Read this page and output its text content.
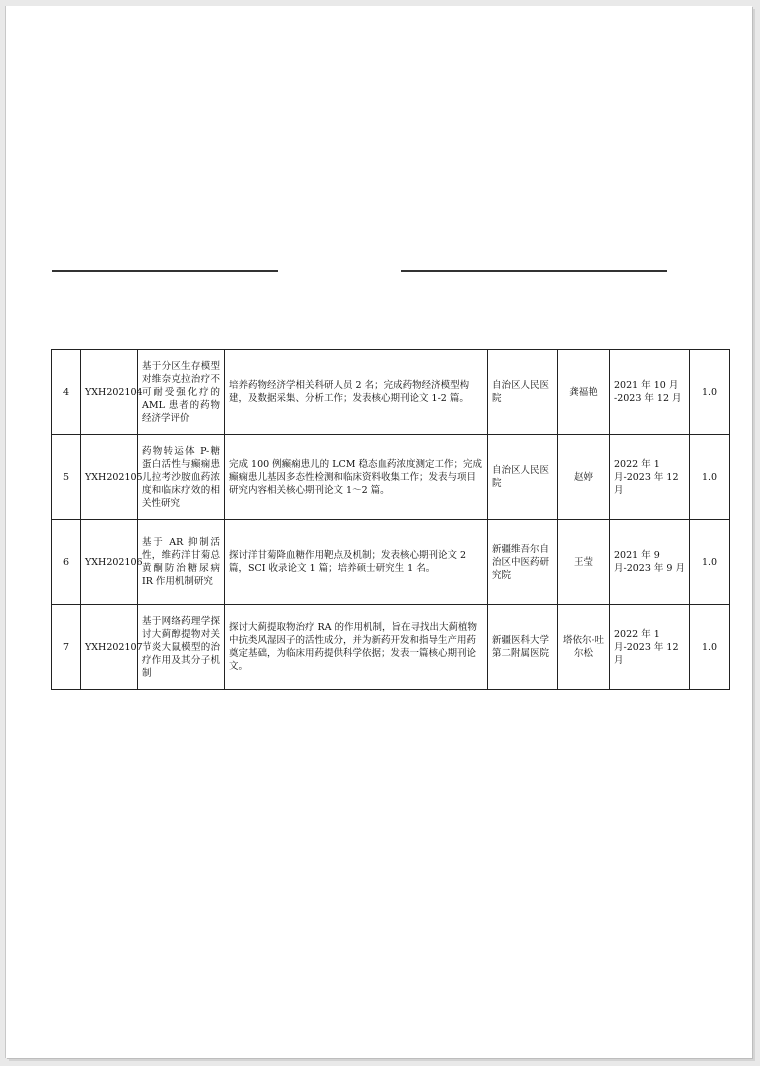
4	YXH202104	基于分区生存模型对维奈克拉治疗不可耐受强化疗的 AML 患者的药物经济学评价	培养药物经济学相关科研人员 2 名；完成药物经济模型构建，及数据采集、分析工作；发表核心期刊论文 1-2 篇。	自治区人民医院	龚福艳	2021 年 10 月 -2023 年 12 月	1.0
5	YXH202105	药物转运体 P-糖蛋白活性与癫痫患儿拉考沙胺血药浓度和临床疗效的相关性研究	完成 100 例癫痫患儿的 LCM 稳态血药浓度测定工作；完成癫痫患儿基因多态性检测和临床资料收集工作；发表与项目研究内容相关核心期刊论文 1～2 篇。	自治区人民医院	赵婷	2022 年 1 月-2023 年 12 月	1.0
6	YXH202106	基于 AR 抑制活性，维药洋甘菊总黄酮防治糖尿病 IR 作用机制研究	探讨洋甘菊降血糖作用靶点及机制；发表核心期刊论文 2 篇，SCI 收录论文 1 篇；培养硕士研究生 1 名。	新疆维吾尔自治区中医药研究院	王莹	2021 年 9 月-2023 年 9 月	1.0
7	YXH202107	基于网络药理学探讨大蓟醇提物对关节炎大鼠模型的治疗作用及其分子机制	探讨大蓟提取物治疗 RA 的作用机制，旨在寻找出大蓟植物中抗类风湿因子的活性成分，并为新药开发和指导生产用药奠定基础，为临床用药提供科学依据；发表一篇核心期刊论文。	新疆医科大学第二附属医院	塔依尔·吐尔松	2022 年 1 月-2023 年 12 月	1.0
